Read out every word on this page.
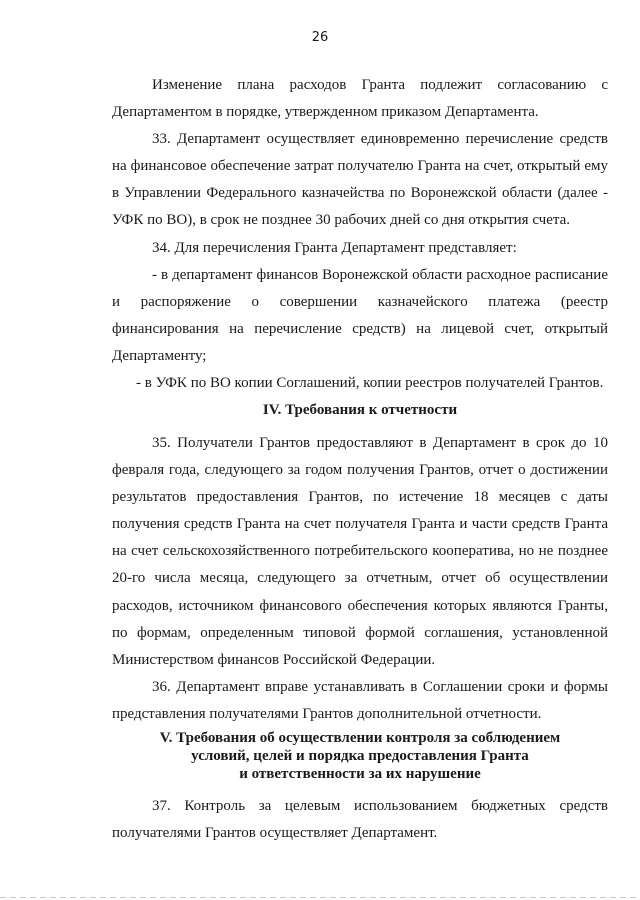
26

Изменение плана расходов Гранта подлежит согласованию с

Департаментом в порядке, утвержденном приказом Департамента.

33. Департамент осуществляет единовременно перечисление средств на финансовое обеспечение затрат получателю Гранта на счет, открытый ему в Управлении Федерального казначейства по Воронежской области (далее - УФК по ВО), в срок не позднее 30 рабочих дней со дня открытия счета.

34. Для перечисления Гранта Департамент представляет:

- в департамент финансов Воронежской области расходное расписание и распоряжение о совершении казначейского платежа (реестр финансирования на перечисление средств) на лицевой счет, открытый Департаменту;

- в УФК по ВО копии Соглашений, копии реестров получателей Грантов.

IV. Требования к отчетности

35. Получатели Грантов предоставляют в Департамент в срок до 10 февраля года, следующего за годом получения Грантов, отчет о достижении результатов предоставления Грантов, по истечение 18 месяцев с даты получения средств Гранта на счет получателя Гранта и части средств Гранта на счет сельскохозяйственного потребительского кооператива, но не позднее 20-го числа месяца, следующего за отчетным, отчет об осуществлении расходов, источником финансового обеспечения которых являются Гранты, по формам, определенным типовой формой соглашения, установленной Министерством финансов Российской Федерации.

36. Департамент вправе устанавливать в Соглашении сроки и формы представления получателями Грантов дополнительной отчетности.

V. Требования об осуществлении контроля за соблюдением
условий, целей и порядка предоставления Гранта
и ответственности за их нарушение

37. Контроль за целевым использованием бюджетных средств получателями Грантов осуществляет Департамент.
